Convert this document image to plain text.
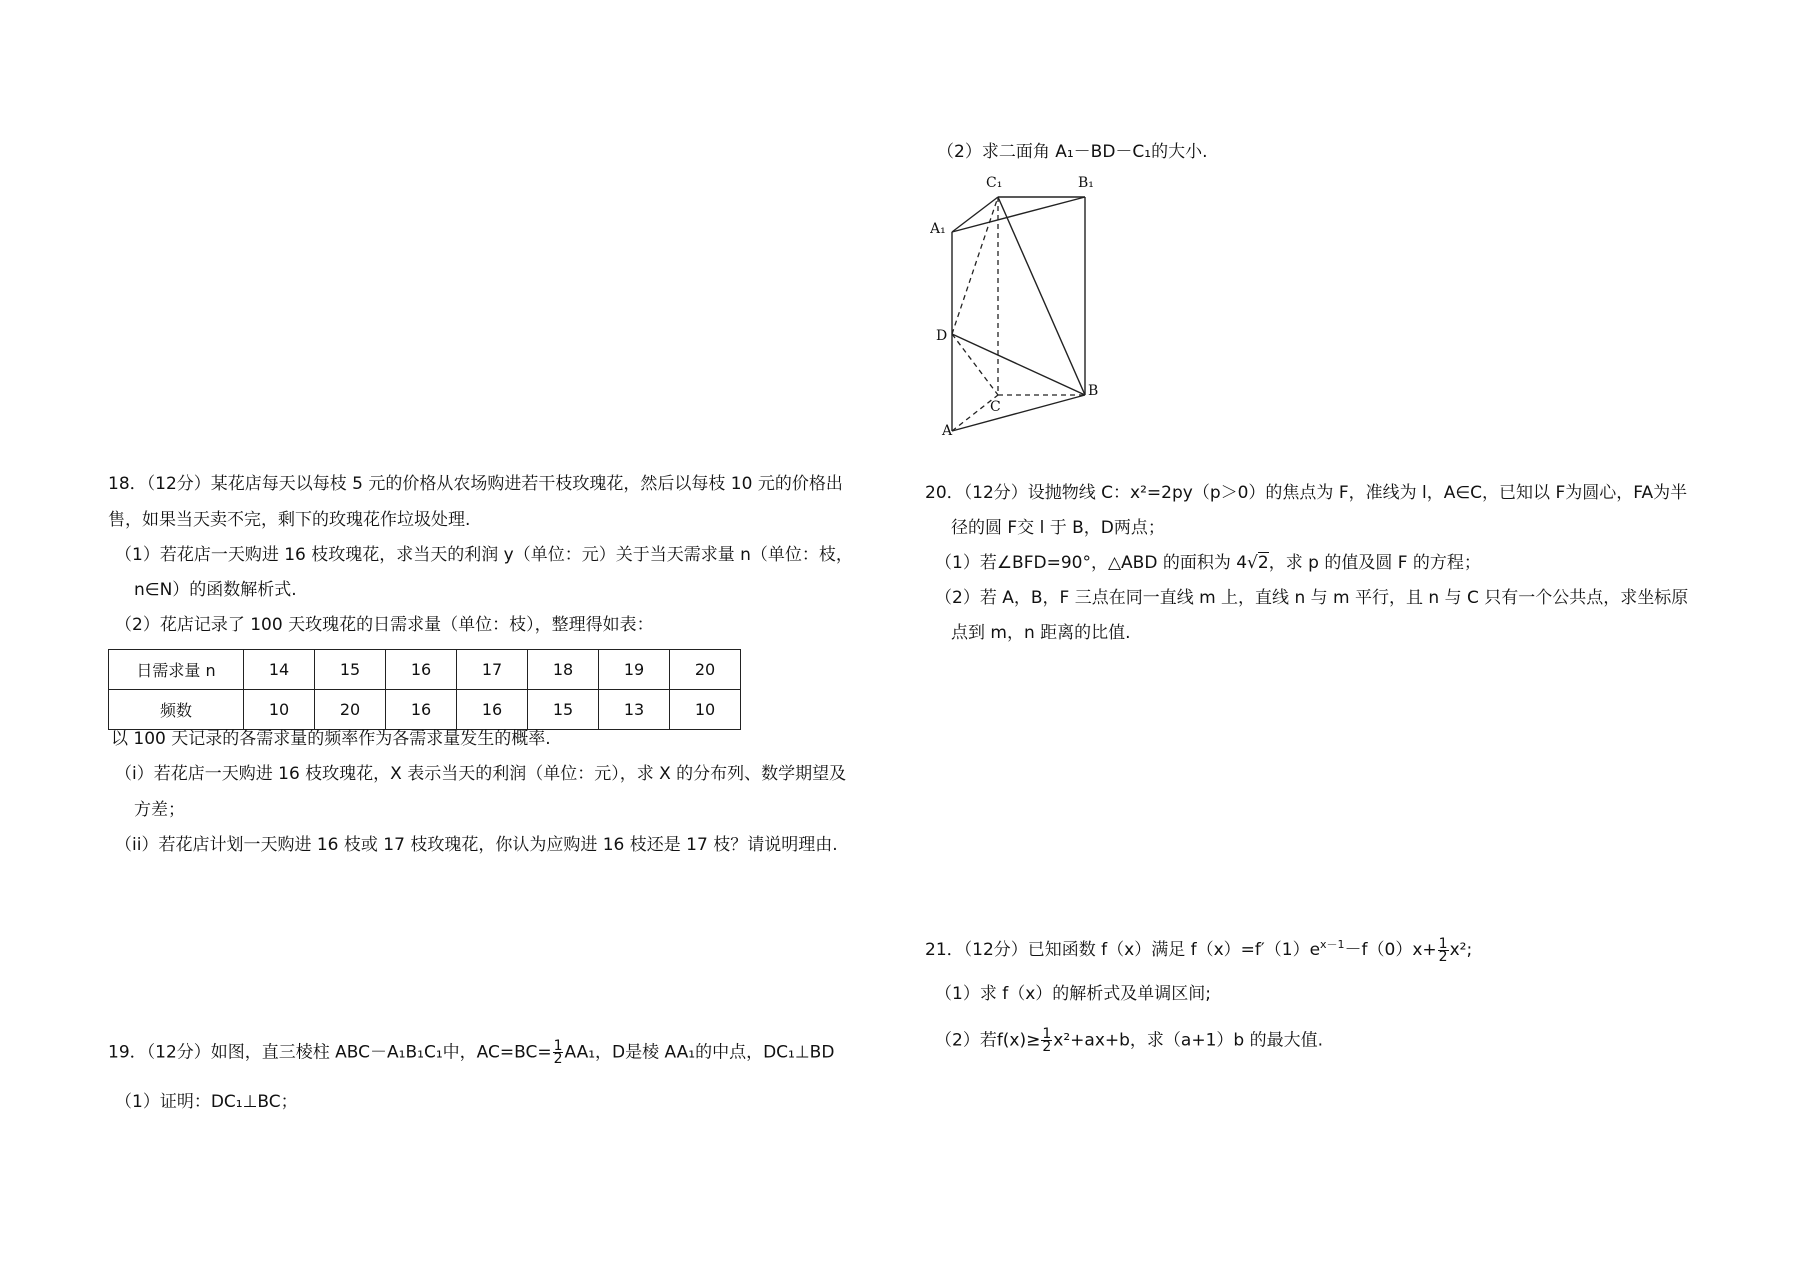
（2）求二面角 A₁－BD－C₁的大小.
C₁	B₁
A₁
D
B
C
A
18．（12分）某花店每天以每枝 5 元的价格从农场购进若干枝玫瑰花，然后以每枝 10 元的价格出
售，如果当天卖不完，剩下的玫瑰花作垃圾处理.
（1）若花店一天购进 16 枝玫瑰花，求当天的利润 y（单位：元）关于当天需求量 n（单位：枝，
n∈N）的函数解析式.
（2）花店记录了 100 天玫瑰花的日需求量（单位：枝），整理得如表：
日需求量 n	14	15	16	17	18	19	20
频数	10	20	16	16	15	13	10
以 100 天记录的各需求量的频率作为各需求量发生的概率.
（i）若花店一天购进 16 枝玫瑰花，X 表示当天的利润（单位：元），求 X 的分布列、数学期望及
方差；
（ii）若花店计划一天购进 16 枝或 17 枝玫瑰花，你认为应购进 16 枝还是 17 枝？请说明理由.
19．（12分）如图，直三棱柱 ABC－A₁B₁C₁中，$AC=BC= \frac{1}{2} AA_1$，D是棱 AA₁的中点，DC₁⊥BD
（1）证明：DC₁⊥BC；
20．（12分）设抛物线 C：x²=2py（p＞0）的焦点为 F，准线为 l，A∈C，已知以 F为圆心，FA为半
径的圆 F交 l 于 B，D两点；
（1）若∠BFD=90°，△ABD 的面积为 4√2，求 p 的值及圆 F 的方程；
（2）若 A，B，F 三点在同一直线 m 上，直线 n 与 m 平行，且 n 与 C 只有一个公共点，求坐标原
点到 m，n 距离的比值.
21．（12分）已知函数 f（x）满足 $f(x)=f'(1)e^{x-1}-f(0)x+ \frac{1}{2} x^2$;
（1）求 f（x）的解析式及单调区间;
（2）若$f(x)\ge \frac{1}{2} x^2+ax+b$，求（a+1）b 的最大值.
